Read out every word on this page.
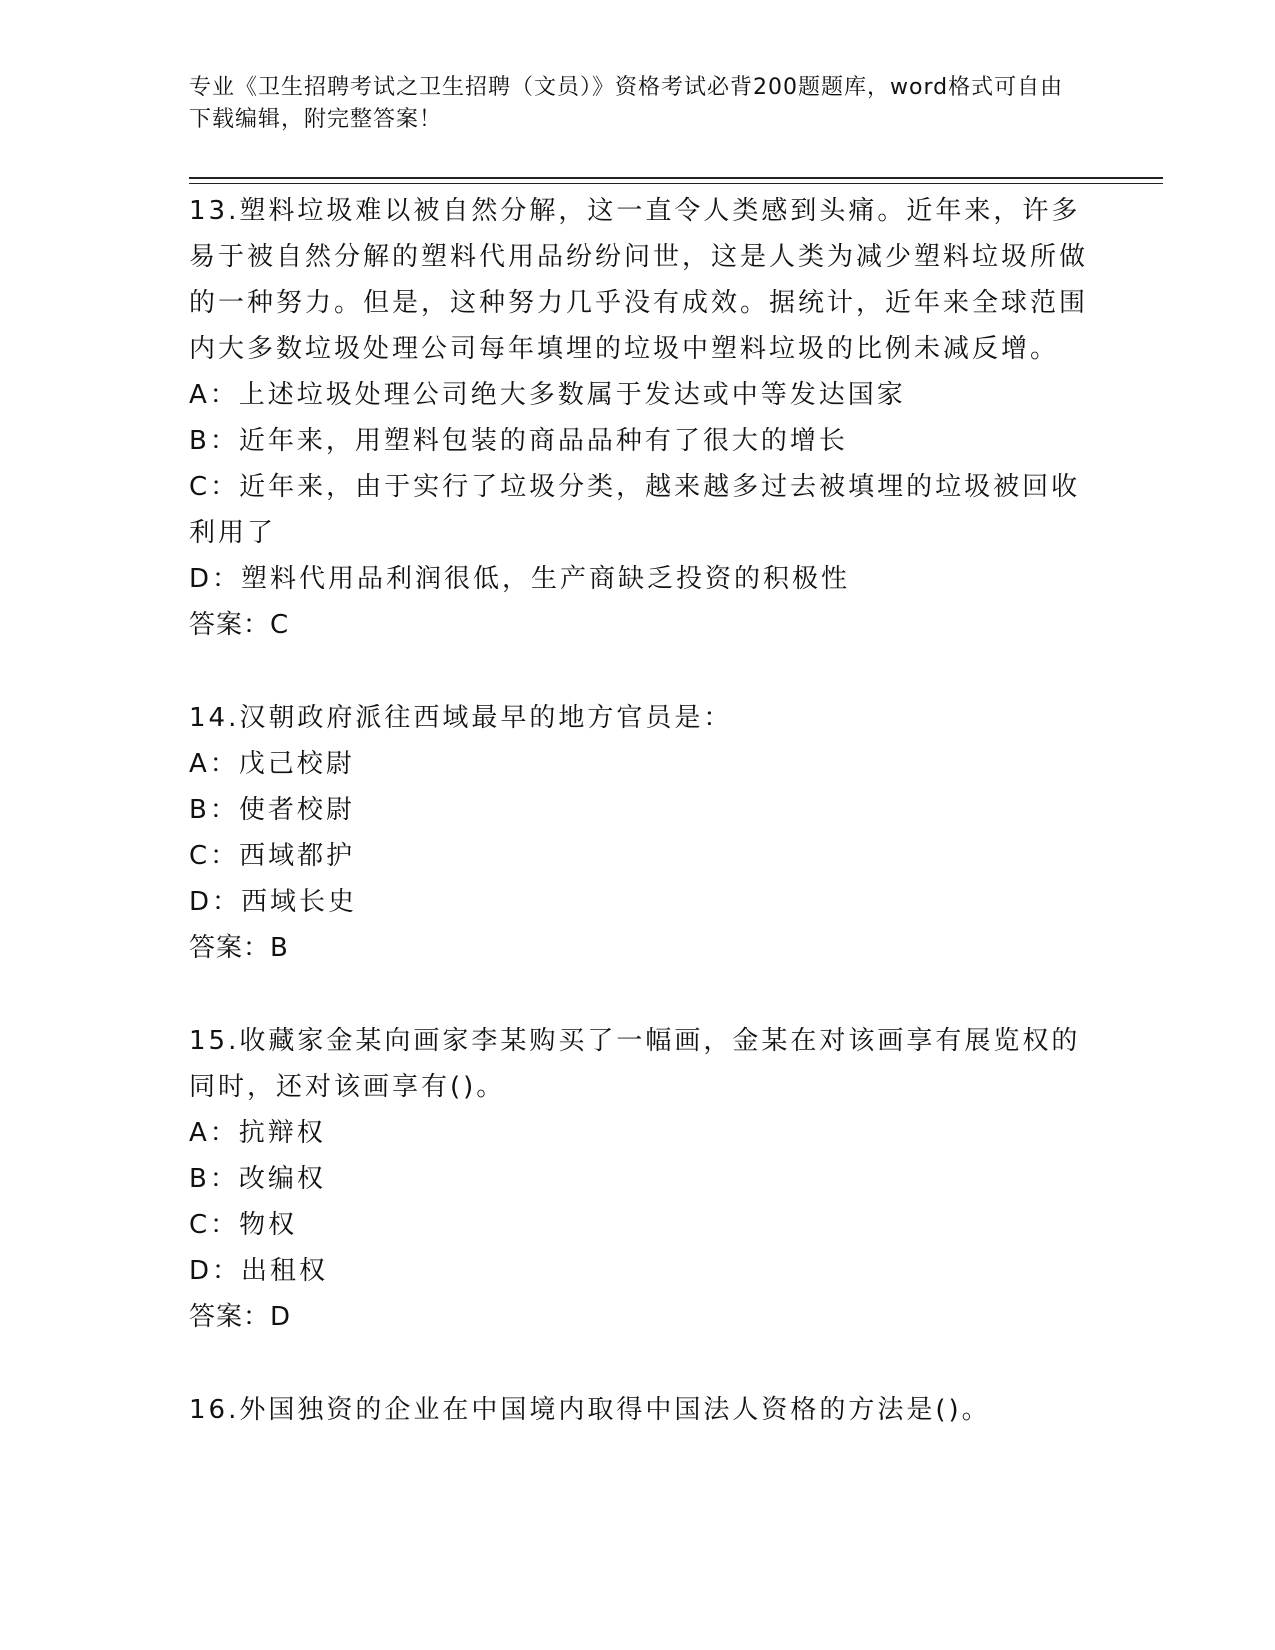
专业《卫生招聘考试之卫生招聘（文员）》资格考试必背200题题库，word格式可自由下载编辑，附完整答案！
13.塑料垃圾难以被自然分解，这一直令人类感到头痛。近年来，许多易于被自然分解的塑料代用品纷纷问世，这是人类为减少塑料垃圾所做的一种努力。但是，这种努力几乎没有成效。据统计，近年来全球范围内大多数垃圾处理公司每年填埋的垃圾中塑料垃圾的比例未减反增。
A：上述垃圾处理公司绝大多数属于发达或中等发达国家
B：近年来，用塑料包装的商品品种有了很大的增长
C：近年来，由于实行了垃圾分类，越来越多过去被填埋的垃圾被回收利用了
D：塑料代用品利润很低，生产商缺乏投资的积极性
答案：C
14.汉朝政府派往西域最早的地方官员是：
A：戊己校尉
B：使者校尉
C：西域都护
D：西域长史
答案：B
15.收藏家金某向画家李某购买了一幅画，金某在对该画享有展览权的同时，还对该画享有()。
A：抗辩权
B：改编权
C：物权
D：出租权
答案：D
16.外国独资的企业在中国境内取得中国法人资格的方法是()。
